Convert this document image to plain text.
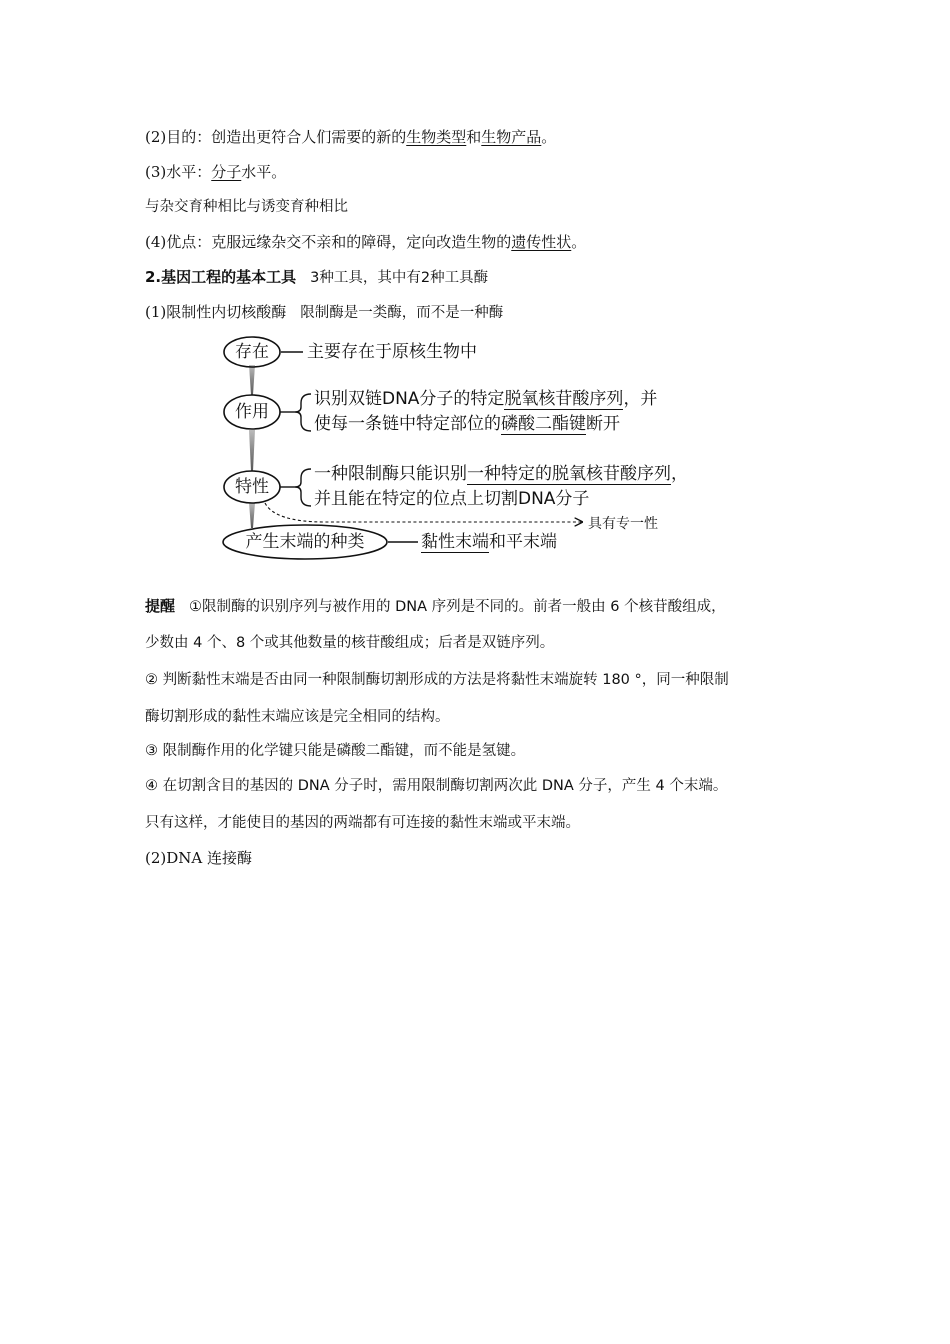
(2)目的：创造出更符合人们需要的新的生物类型和生物产品。
(3)水平：分子水平。
与杂交育种相比与诱变育种相比
(4)优点：克服远缘杂交不亲和的障碍，定向改造生物的遗传性状。
2.基因工程的基本工具 3种工具，其中有2种工具酶
(1)限制性内切核酸酶 限制酶是一类酶，而不是一种酶
存在	主要存在于原核生物中
作用
识别双链DNA分子的特定脱氧核苷酸序列，并
使每一条链中特定部位的磷酸二酯键断开
特性
一种限制酶只能识别一种特定的脱氧核苷酸序列，
并且能在特定的位点上切割DNA分子
具有专一性
产生末端的种类	黏性末端和平末端
提醒 ①限制酶的识别序列与被作用的 DNA 序列是不同的。前者一般由 6 个核苷酸组成，
少数由 4 个、8 个或其他数量的核苷酸组成；后者是双链序列。
② 判断黏性末端是否由同一种限制酶切割形成的方法是将黏性末端旋转 180 °，同一种限制
酶切割形成的黏性末端应该是完全相同的结构。
③ 限制酶作用的化学键只能是磷酸二酯键，而不能是氢键。
④ 在切割含目的基因的 DNA 分子时，需用限制酶切割两次此 DNA 分子，产生 4 个末端。
只有这样，才能使目的基因的两端都有可连接的黏性末端或平末端。
(2)DNA 连接酶
